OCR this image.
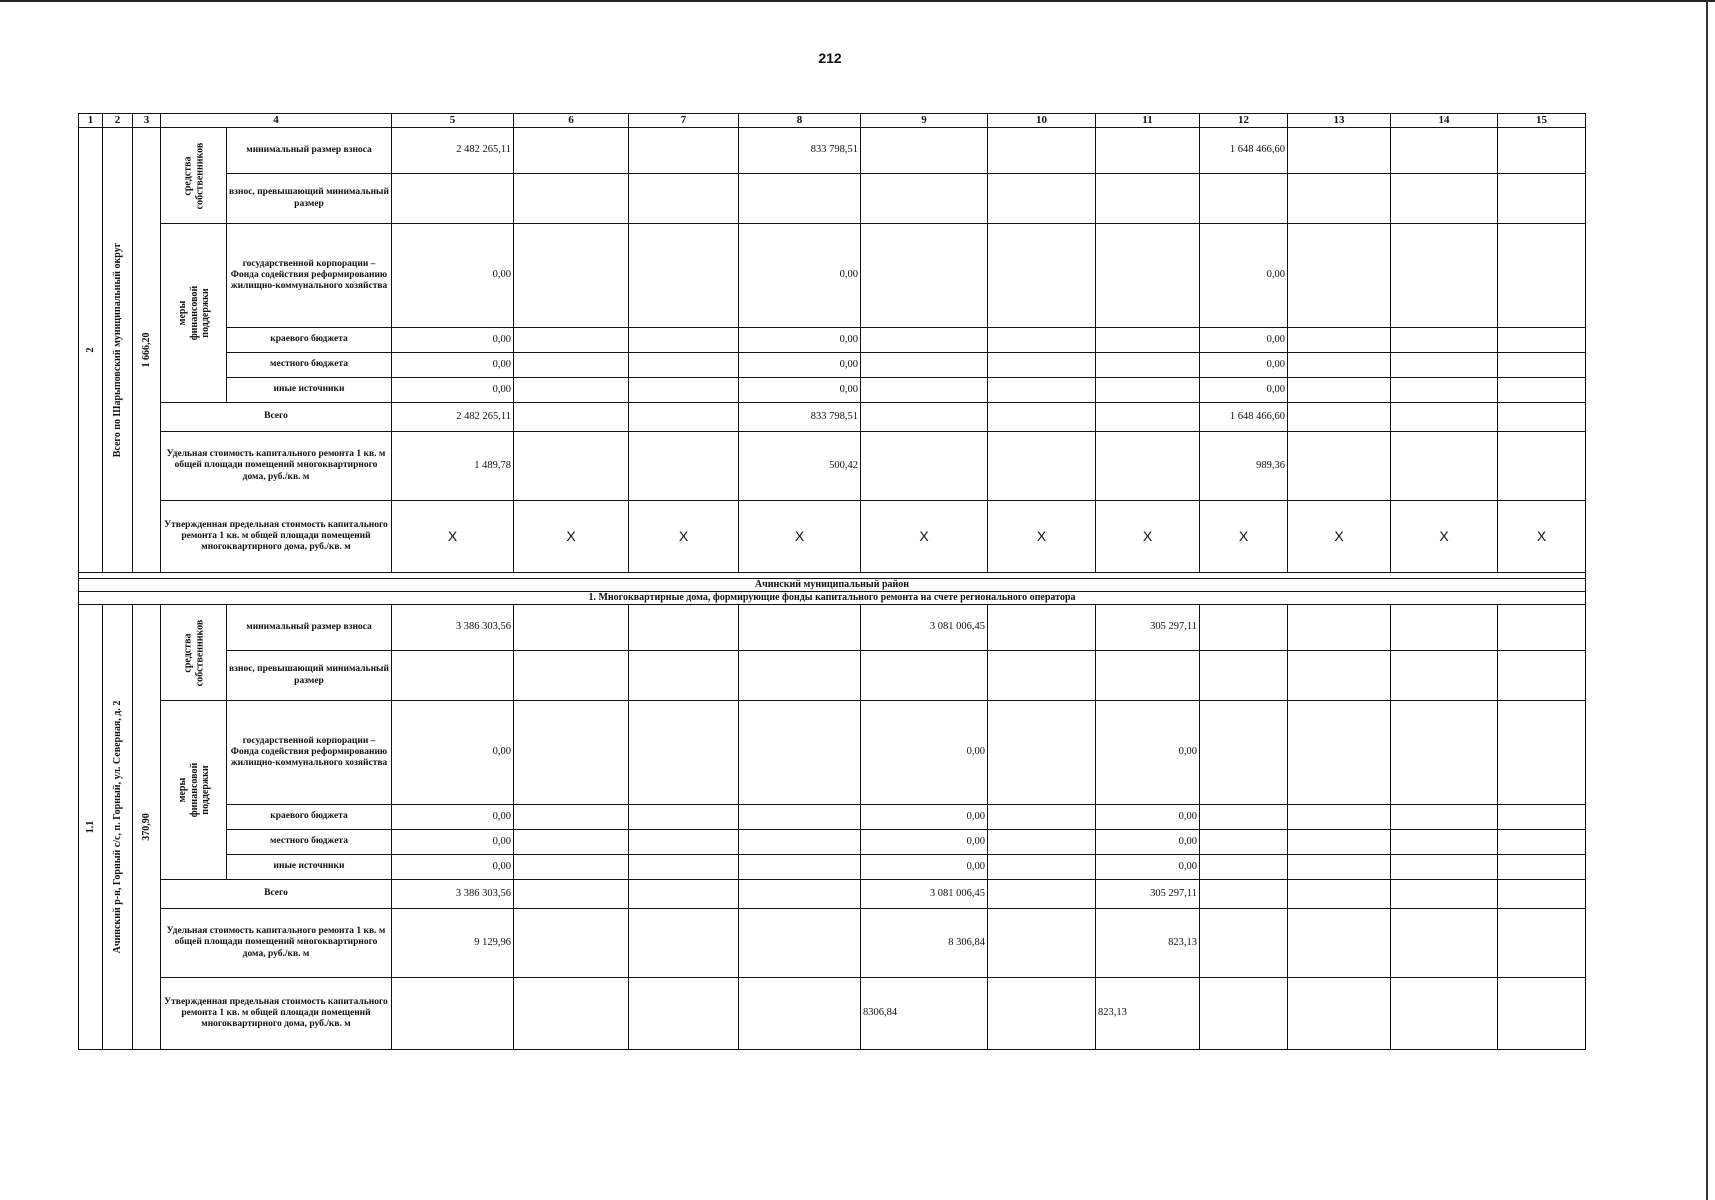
212
1	2	3	4		5	6	7	8	9	10	11	12	13	14	15

2	Всего по Шарыповский муниципальный округ	1 666,20	средства собственников	минимальный размер взноса	2 482 265,11			833 798,51				1 648 466,60			
				взнос, превышающий минимальный размер											

			меры финансовой поддержки	государственной корпорации – Фонда содействия реформированию жилищно-коммунального хозяйства	0,00			0,00				0,00			
				краевого бюджета	0,00			0,00				0,00			
				местного бюджета	0,00			0,00				0,00			
				иные источники	0,00			0,00				0,00			
			Всего		2 482 265,11			833 798,51				1 648 466,60			
			Удельная стоимость капитального ремонта 1 кв. м общей площади помещений многоквартирного дома, руб./кв. м		1 489,78			500,42				989,36			
			Утвержденная предельная стоимость капитального ремонта 1 кв. м общей площади помещений многоквартирного дома, руб./кв. м		X	X	X	X	X	X	X	X	X	X	X

Ачинский муниципальный район															
1. Многоквартирные дома, формирующие фонды капитального ремонта на счете регионального оператора															

1.1	Ачинский р-н, Горный с/с, п. Горный, ул. Северная, д. 2	370,90	средства собственников	минимальный размер взноса	3 386 303,56				3 081 006,45		305 297,11				
				взнос, превышающий минимальный размер											

			меры финансовой поддержки	государственной корпорации – Фонда содействия реформированию жилищно-коммунального хозяйства	0,00				0,00		0,00				
				краевого бюджета	0,00				0,00		0,00				
				местного бюджета	0,00				0,00		0,00				
				иные источники	0,00				0,00		0,00				
			Всего		3 386 303,56				3 081 006,45		305 297,11				
			Удельная стоимость капитального ремонта 1 кв. м общей площади помещений многоквартирного дома, руб./кв. м		9 129,96				8 306,84		823,13				
			Утвержденная предельная стоимость капитального ремонта 1 кв. м общей площади помещений многоквартирного дома, руб./кв. м						8306,84		823,13				
